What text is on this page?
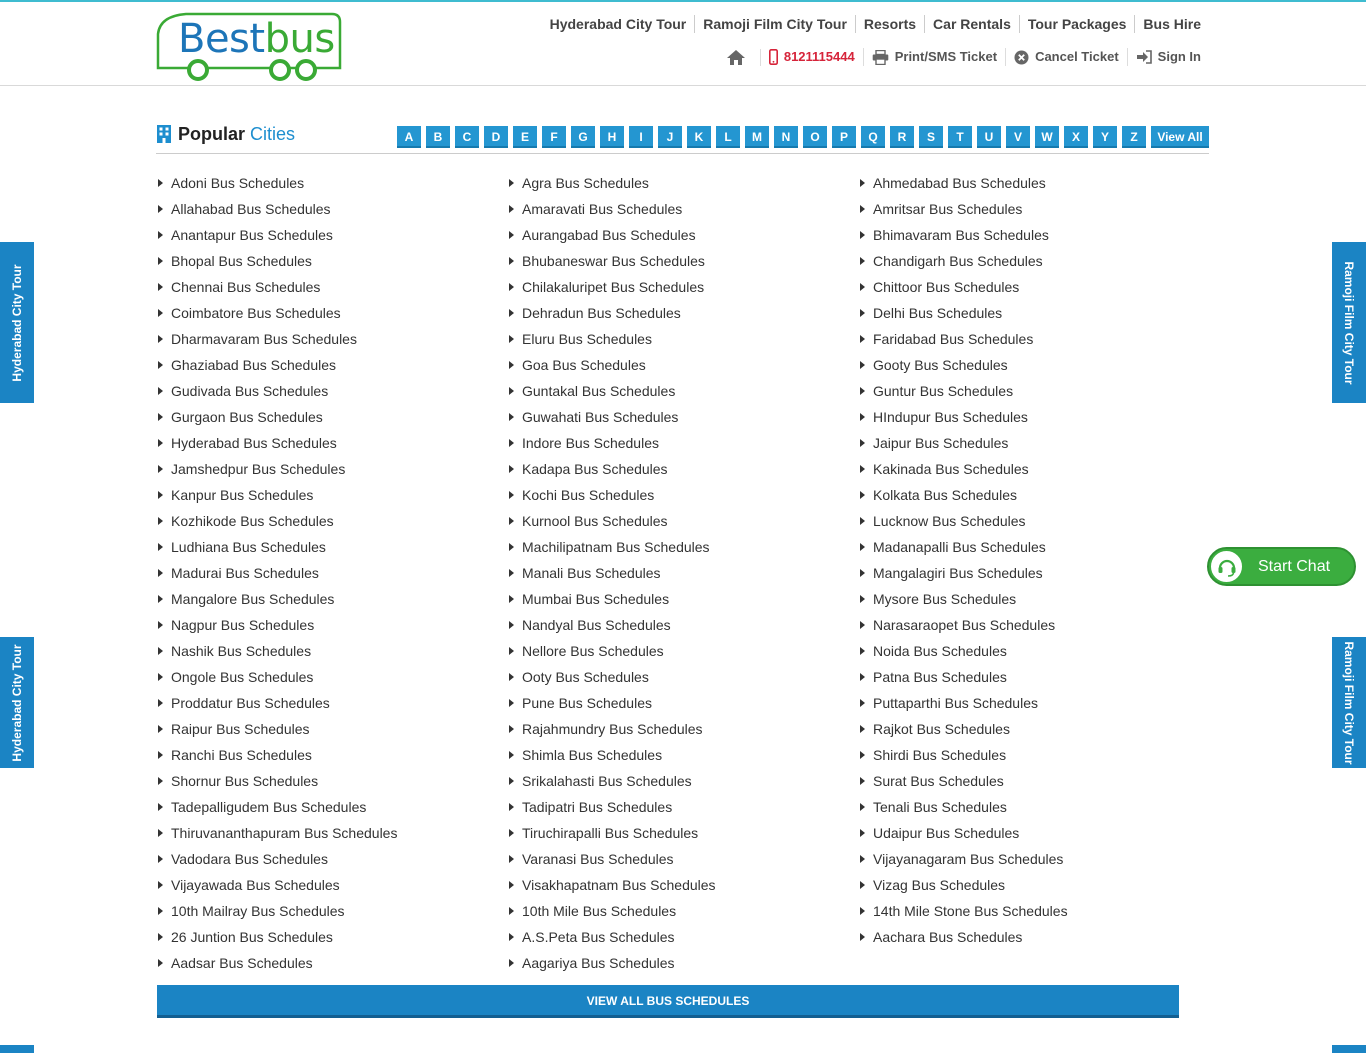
Bestbus	Hyderabad City Tour	Ramoji Film City Tour	Resorts	Car Rentals	Tour Packages	Bus Hire
8121115444	Print/SMS Ticket	Cancel Ticket	Sign In
Popular Cities	A	B	C	D	E	F	G	H	I	J	K	L	M	N	O	P	Q	R	S	T	U	V	W	X	Y	Z	View All
Adoni Bus Schedules
Allahabad Bus Schedules
Anantapur Bus Schedules
Bhopal Bus Schedules
Chennai Bus Schedules
Coimbatore Bus Schedules
Dharmavaram Bus Schedules
Ghaziabad Bus Schedules
Gudivada Bus Schedules
Gurgaon Bus Schedules
Hyderabad Bus Schedules
Jamshedpur Bus Schedules
Kanpur Bus Schedules
Kozhikode Bus Schedules
Ludhiana Bus Schedules
Madurai Bus Schedules
Mangalore Bus Schedules
Nagpur Bus Schedules
Nashik Bus Schedules
Ongole Bus Schedules
Proddatur Bus Schedules
Raipur Bus Schedules
Ranchi Bus Schedules
Shornur Bus Schedules
Tadepalligudem Bus Schedules
Thiruvananthapuram Bus Schedules
Vadodara Bus Schedules
Vijayawada Bus Schedules
10th Mailray Bus Schedules
26 Juntion Bus Schedules
Aadsar Bus Schedules
Agra Bus Schedules
Amaravati Bus Schedules
Aurangabad Bus Schedules
Bhubaneswar Bus Schedules
Chilakaluripet Bus Schedules
Dehradun Bus Schedules
Eluru Bus Schedules
Goa Bus Schedules
Guntakal Bus Schedules
Guwahati Bus Schedules
Indore Bus Schedules
Kadapa Bus Schedules
Kochi Bus Schedules
Kurnool Bus Schedules
Machilipatnam Bus Schedules
Manali Bus Schedules
Mumbai Bus Schedules
Nandyal Bus Schedules
Nellore Bus Schedules
Ooty Bus Schedules
Pune Bus Schedules
Rajahmundry Bus Schedules
Shimla Bus Schedules
Srikalahasti Bus Schedules
Tadipatri Bus Schedules
Tiruchirapalli Bus Schedules
Varanasi Bus Schedules
Visakhapatnam Bus Schedules
10th Mile Bus Schedules
A.S.Peta Bus Schedules
Aagariya Bus Schedules
Ahmedabad Bus Schedules
Amritsar Bus Schedules
Bhimavaram Bus Schedules
Chandigarh Bus Schedules
Chittoor Bus Schedules
Delhi Bus Schedules
Faridabad Bus Schedules
Gooty Bus Schedules
Guntur Bus Schedules
HIndupur Bus Schedules
Jaipur Bus Schedules
Kakinada Bus Schedules
Kolkata Bus Schedules
Lucknow Bus Schedules
Madanapalli Bus Schedules
Mangalagiri Bus Schedules
Mysore Bus Schedules
Narasaraopet Bus Schedules
Noida Bus Schedules
Patna Bus Schedules
Puttaparthi Bus Schedules
Rajkot Bus Schedules
Shirdi Bus Schedules
Surat Bus Schedules
Tenali Bus Schedules
Udaipur Bus Schedules
Vijayanagaram Bus Schedules
Vizag Bus Schedules
14th Mile Stone Bus Schedules
Aachara Bus Schedules
VIEW ALL BUS SCHEDULES
Hyderabad City Tour
Hyderabad City Tour
Ramoji Film City Tour
Ramoji Film City Tour
Start Chat
